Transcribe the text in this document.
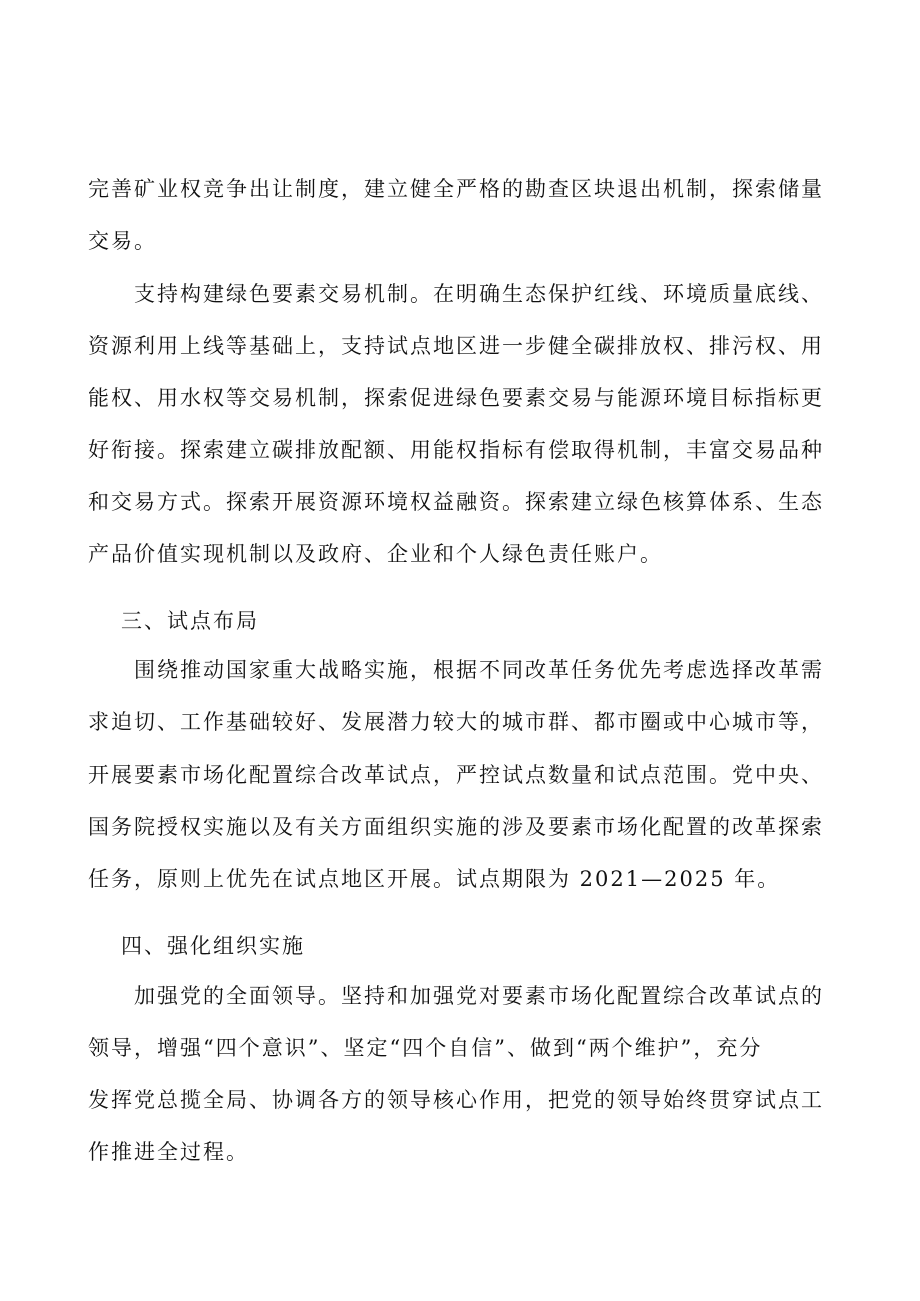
完善矿业权竞争出让制度，建立健全严格的勘查区块退出机制，探索储量

交易。

支持构建绿色要素交易机制。在明确生态保护红线、环境质量底线、

资源利用上线等基础上，支持试点地区进一步健全碳排放权、排污权、用

能权、用水权等交易机制，探索促进绿色要素交易与能源环境目标指标更

好衔接。探索建立碳排放配额、用能权指标有偿取得机制，丰富交易品种

和交易方式。探索开展资源环境权益融资。探索建立绿色核算体系、生态

产品价值实现机制以及政府、企业和个人绿色责任账户。

三、试点布局

围绕推动国家重大战略实施，根据不同改革任务优先考虑选择改革需

求迫切、工作基础较好、发展潜力较大的城市群、都市圈或中心城市等，

开展要素市场化配置综合改革试点，严控试点数量和试点范围。党中央、

国务院授权实施以及有关方面组织实施的涉及要素市场化配置的改革探索

任务，原则上优先在试点地区开展。试点期限为 2021—2025 年。

四、强化组织实施

加强党的全面领导。坚持和加强党对要素市场化配置综合改革试点的

领导，增强“四个意识”、坚定“四个自信”、做到“两个维护”，充分

发挥党总揽全局、协调各方的领导核心作用，把党的领导始终贯穿试点工

作推进全过程。
